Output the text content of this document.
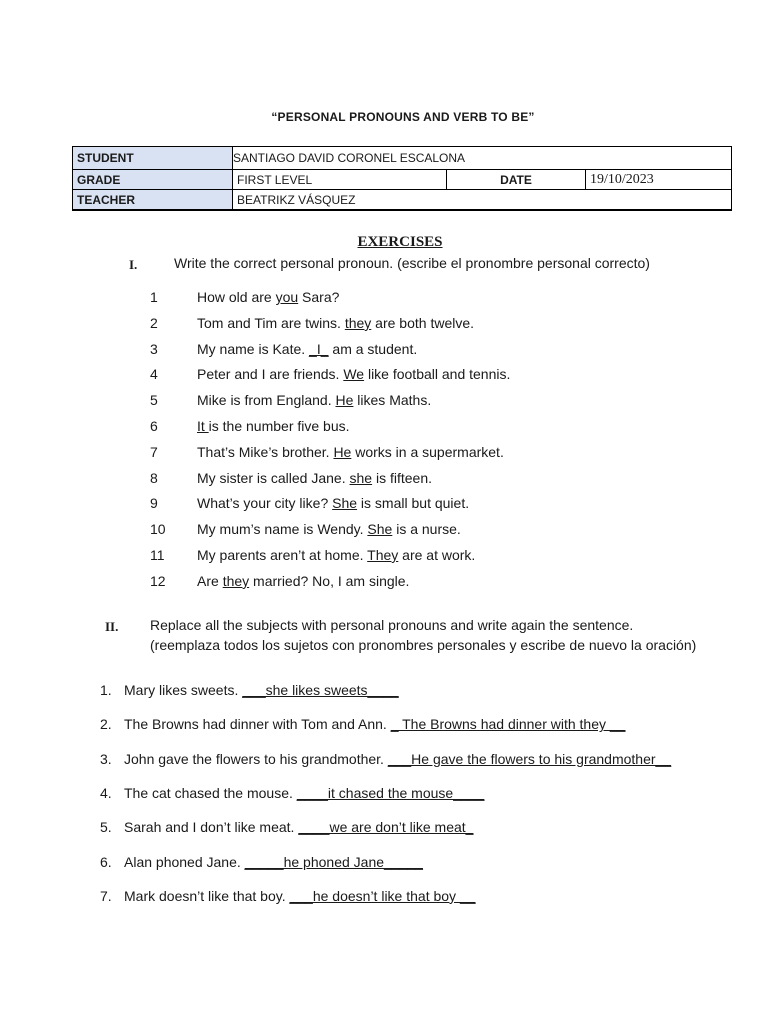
“PERSONAL PRONOUNS AND VERB TO BE”
STUDENT	SANTIAGO DAVID CORONEL ESCALONA		
GRADE	FIRST LEVEL	DATE	19/10/2023
TEACHER	BEATRIKZ VÁSQUEZ		
EXERCISES
I.	Write the correct personal pronoun. (escribe el pronombre personal correcto)
1	How old are you Sara?
2	Tom and Tim are twins. they are both twelve.
3	My name is Kate. _I_ am a student.
4	Peter and I are friends. We like football and tennis.
5	Mike is from England. He likes Maths.
6	It is the number five bus.
7	That’s Mike’s brother. He works in a supermarket.
8	My sister is called Jane. she is fifteen.
9	What’s your city like? She is small but quiet.
10	My mum’s name is Wendy. She is a nurse.
11	My parents aren’t at home. They are at work.
12	Are they married? No, I am single.
II. Replace all the subjects with personal pronouns and write again the sentence.
(reemplaza todos los sujetos con pronombres personales y escribe de nuevo la oración)
1. Mary likes sweets. ___she likes sweets____
2. The Browns had dinner with Tom and Ann. _ The Browns had dinner with they __
3. John gave the flowers to his grandmother. ___He gave the flowers to his grandmother__
4. The cat chased the mouse. ____it chased the mouse____
5. Sarah and I don’t like meat. ____we are don’t like meat_
6. Alan phoned Jane. _____he phoned Jane_____
7. Mark doesn’t like that boy. ___he doesn’t like that boy __
